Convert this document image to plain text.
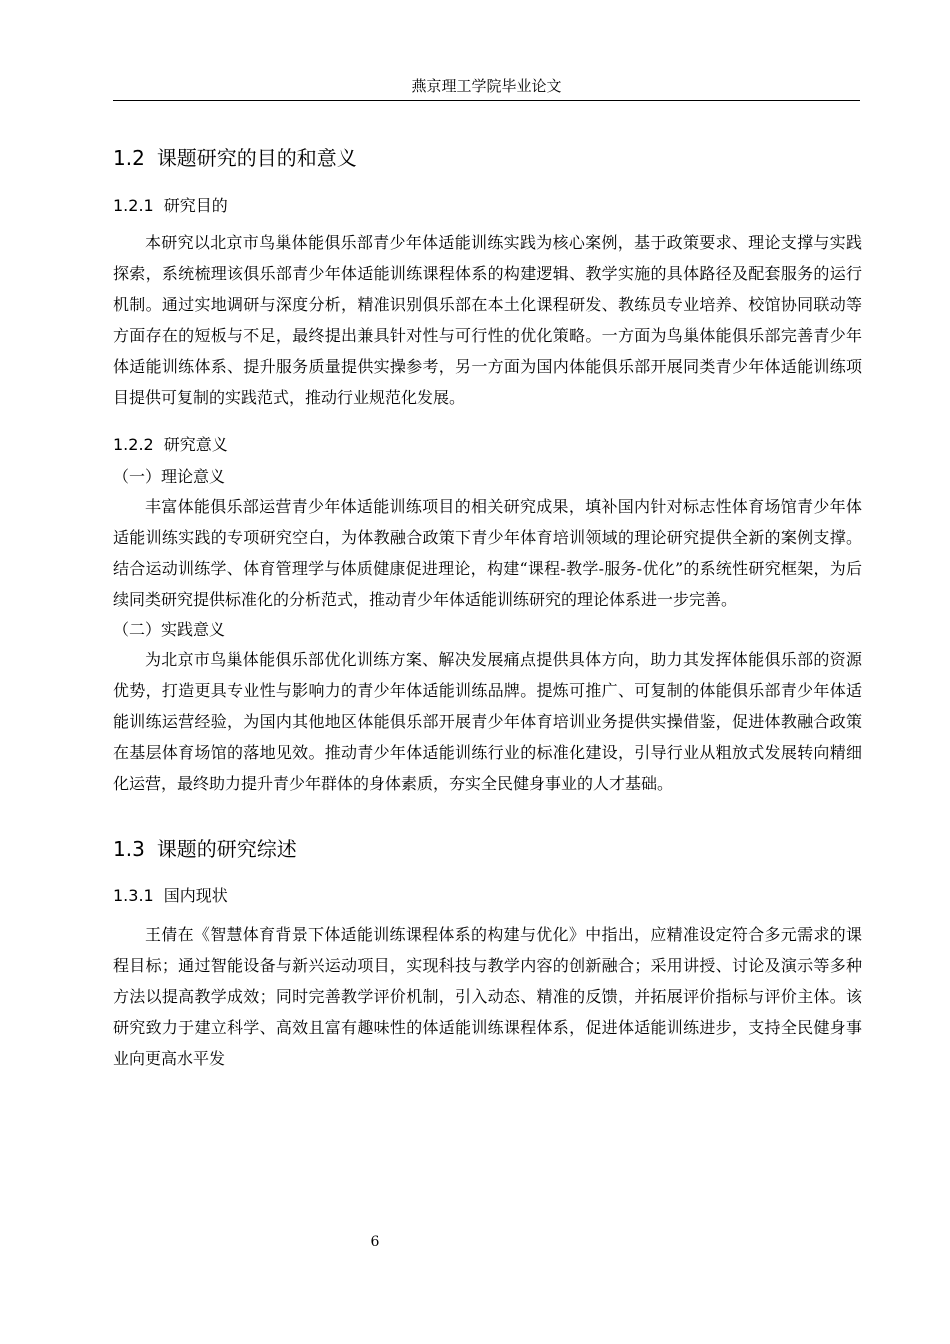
燕京理工学院毕业论文
1.2 课题研究的目的和意义
1.2.1 研究目的

本研究以北京市鸟巢体能俱乐部青少年体适能训练实践为核心案例，基于政策要求、理论支撑与实践探索，系统梳理该俱乐部青少年体适能训练课程体系的构建逻辑、教学实施的具体路径及配套服务的运行机制。通过实地调研与深度分析，精准识别俱乐部在本土化课程研发、教练员专业培养、校馆协同联动等方面存在的短板与不足，最终提出兼具针对性与可行性的优化策略。一方面为鸟巢体能俱乐部完善青少年体适能训练体系、提升服务质量提供实操参考，另一方面为国内体能俱乐部开展同类青少年体适能训练项目提供可复制的实践范式，推动行业规范化发展。

1.2.2 研究意义

（一）理论意义

丰富体能俱乐部运营青少年体适能训练项目的相关研究成果，填补国内针对标志性体育场馆青少年体适能训练实践的专项研究空白，为体教融合政策下青少年体育培训领域的理论研究提供全新的案例支撑。结合运动训练学、体育管理学与体质健康促进理论，构建“课程-教学-服务-优化”的系统性研究框架，为后续同类研究提供标准化的分析范式，推动青少年体适能训练研究的理论体系进一步完善。

（二）实践意义

为北京市鸟巢体能俱乐部优化训练方案、解决发展痛点提供具体方向，助力其发挥体能俱乐部的资源优势，打造更具专业性与影响力的青少年体适能训练品牌。提炼可推广、可复制的体能俱乐部青少年体适能训练运营经验，为国内其他地区体能俱乐部开展青少年体育培训业务提供实操借鉴，促进体教融合政策在基层体育场馆的落地见效。推动青少年体适能训练行业的标准化建设，引导行业从粗放式发展转向精细化运营，最终助力提升青少年群体的身体素质，夯实全民健身事业的人才基础。

1.3 课题的研究综述
1.3.1 国内现状

王倩在《智慧体育背景下体适能训练课程体系的构建与优化》中指出，应精准设定符合多元需求的课程目标；通过智能设备与新兴运动项目，实现科技与教学内容的创新融合；采用讲授、讨论及演示等多种方法以提高教学成效；同时完善教学评价机制，引入动态、精准的反馈，并拓展评价指标与评价主体。该研究致力于建立科学、高效且富有趣味性的体适能训练课程体系，促进体适能训练进步，支持全民健身事业向更高水平发

6
